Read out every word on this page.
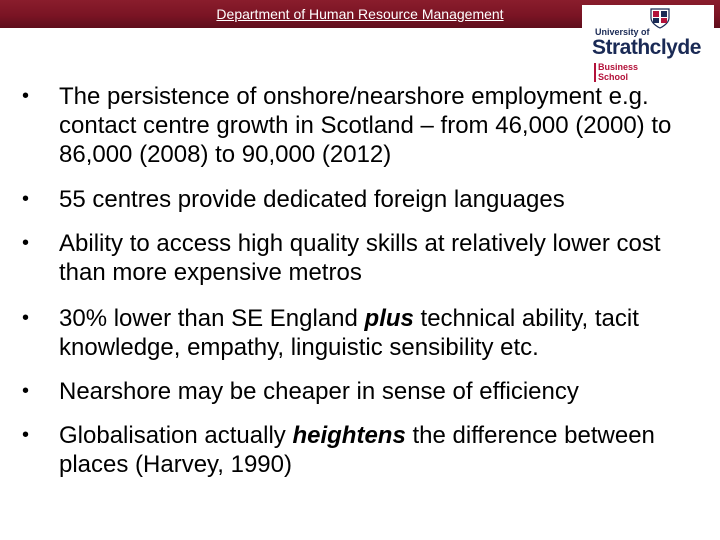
Department of Human Resource Management
University of
Strathclyde
Business
School
• The persistence of onshore/nearshore employment e.g. contact centre growth in Scotland – from 46,000 (2000) to 86,000 (2008) to 90,000 (2012)
• 55 centres provide dedicated foreign languages
• Ability to access high quality skills at relatively lower cost than more expensive metros
• 30% lower than SE England plus technical ability, tacit knowledge, empathy, linguistic sensibility etc.
• Nearshore may be cheaper in sense of efficiency
• Globalisation actually heightens the difference between places (Harvey, 1990)
